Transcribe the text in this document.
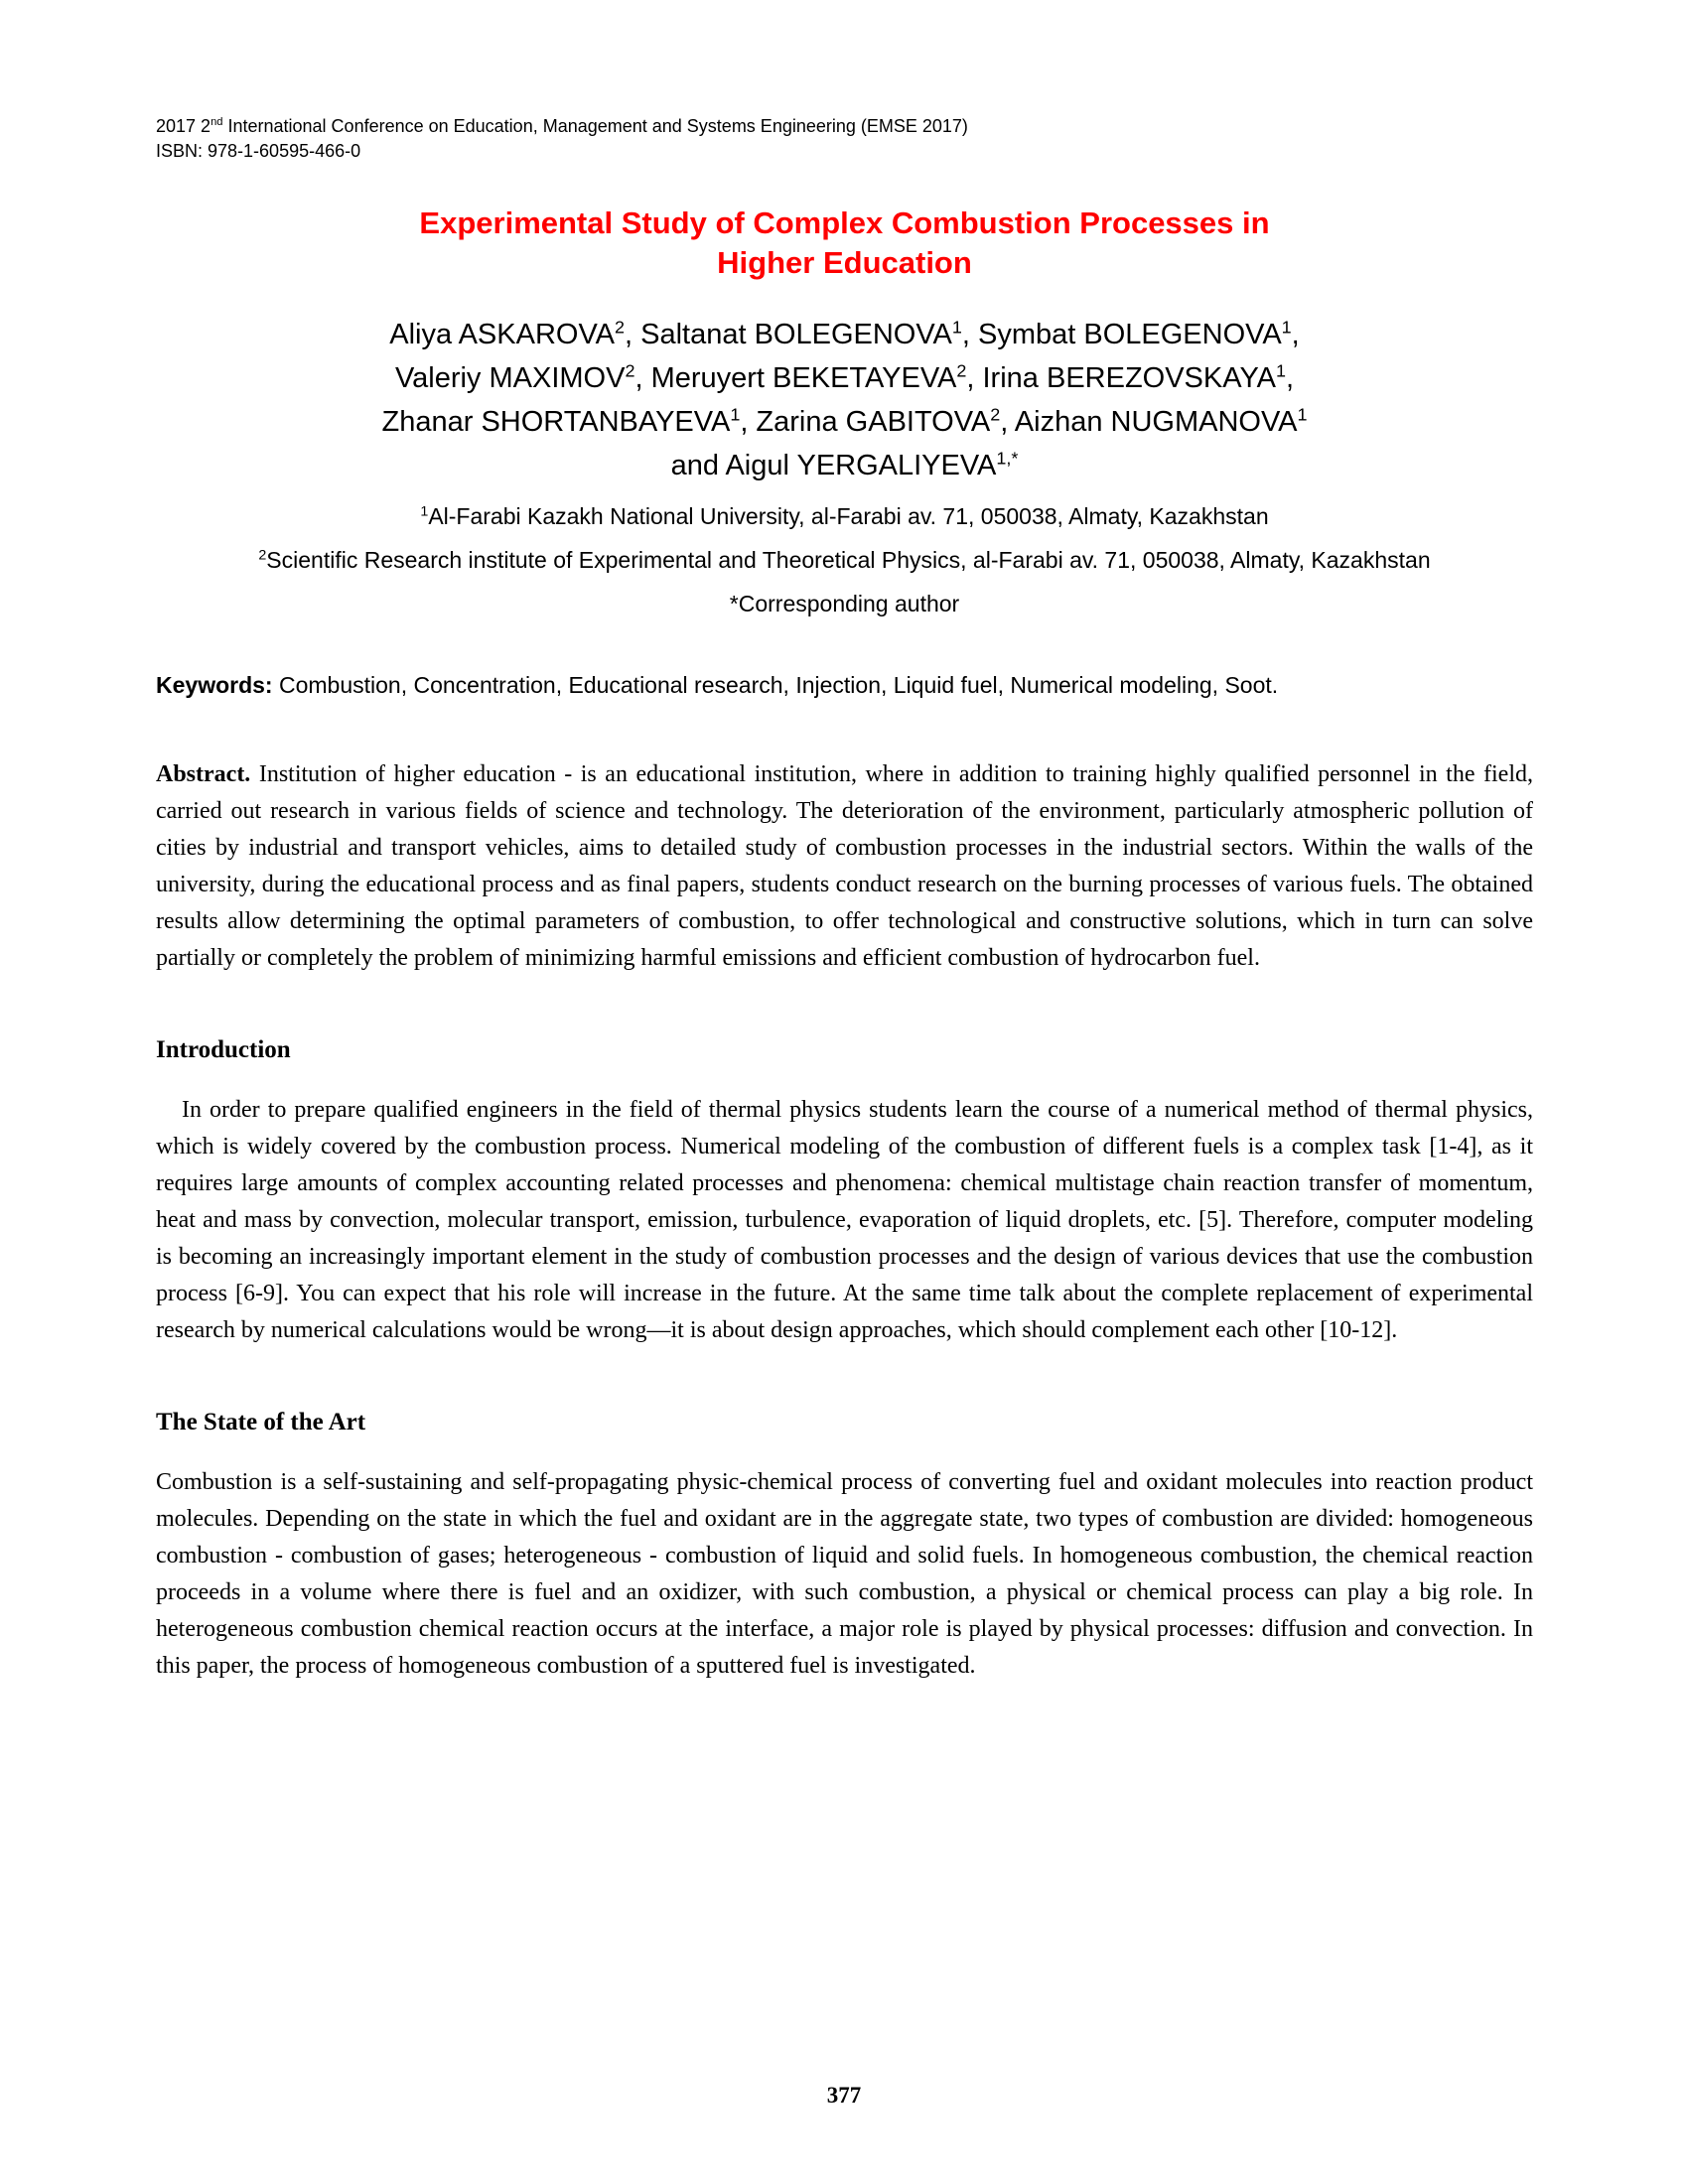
2017 2nd International Conference on Education, Management and Systems Engineering (EMSE 2017)
ISBN: 978-1-60595-466-0
Experimental Study of Complex Combustion Processes in
Higher Education
Aliya ASKAROVA$^2$, Saltanat BOLEGENOVA$^1$, Symbat BOLEGENOVA$^1$,
Valeriy MAXIMOV$^2$, Meruyert BEKETAYEVA$^2$, Irina BEREZOVSKAYA$^1$,
Zhanar SHORTANBAYEVA$^1$, Zarina GABITOVA$^2$, Aizhan NUGMANOVA$^1$
and Aigul $YERGALIYEVA^{1,*}$
$^1$Al-Farabi Kazakh National University, al-Farabi av. 71, 050038, Almaty, Kazakhstan
$^2$Scientific Research institute of Experimental and Theoretical Physics, al-Farabi av. 71, 050038, Almaty, Kazakhstan
*Corresponding author

Keywords: Combustion, Concentration, Educational research, Injection, Liquid fuel, Numerical modeling, Soot.

Abstract. Institution of higher education - is an educational institution, where in addition to training highly qualified personnel in the field, carried out research in various fields of science and technology. The deterioration of the environment, particularly atmospheric pollution of cities by industrial and transport vehicles, aims to detailed study of combustion processes in the industrial sectors. Within the walls of the university, during the educational process and as final papers, students conduct research on the burning processes of various fuels. The obtained results allow determining the optimal parameters of combustion, to offer technological and constructive solutions, which in turn can solve partially or completely the problem of minimizing harmful emissions and efficient combustion of hydrocarbon fuel.

Introduction

In order to prepare qualified engineers in the field of thermal physics students learn the course of a numerical method of thermal physics, which is widely covered by the combustion process. Numerical modeling of the combustion of different fuels is a complex task [1-4], as it requires large amounts of complex accounting related processes and phenomena: chemical multistage chain reaction transfer of momentum, heat and mass by convection, molecular transport, emission, turbulence, evaporation of liquid droplets, etc. [5]. Therefore, computer modeling is becoming an increasingly important element in the study of combustion processes and the design of various devices that use the combustion process [6-9]. You can expect that his role will increase in the future. At the same time talk about the complete replacement of experimental research by numerical calculations would be wrong—it is about design approaches, which should complement each other [10-12].

The State of the Art

Combustion is a self-sustaining and self-propagating physic-chemical process of converting fuel and oxidant molecules into reaction product molecules. Depending on the state in which the fuel and oxidant are in the aggregate state, two types of combustion are divided: homogeneous combustion - combustion of gases; heterogeneous - combustion of liquid and solid fuels. In homogeneous combustion, the chemical reaction proceeds in a volume where there is fuel and an oxidizer, with such combustion, a physical or chemical process can play a big role. In heterogeneous combustion chemical reaction occurs at the interface, a major role is played by physical processes: diffusion and convection. In this paper, the process of homogeneous combustion of a sputtered fuel is investigated.

377
